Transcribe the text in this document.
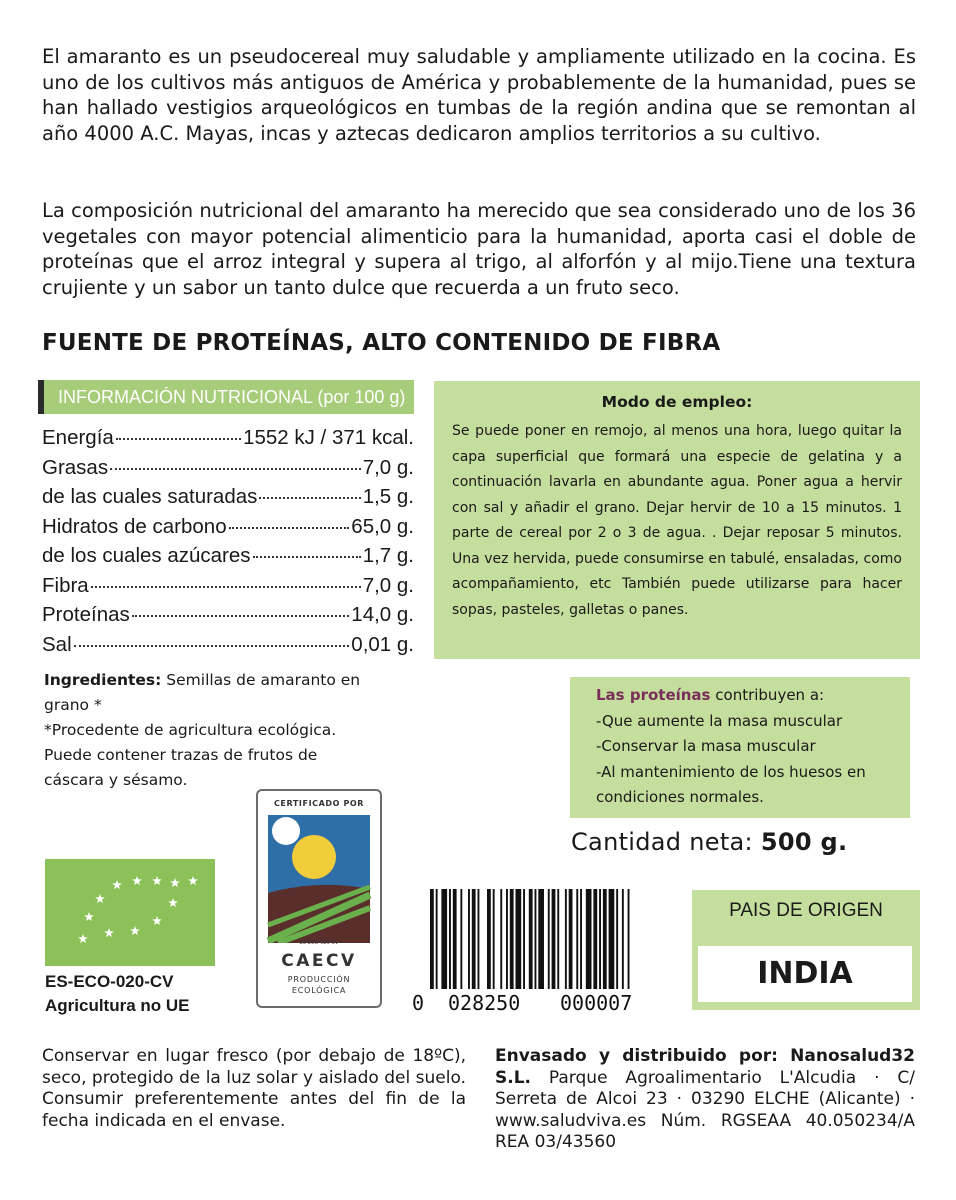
El amaranto es un pseudocereal muy saludable y ampliamente utilizado en la cocina. Es uno de los cultivos más antiguos de América y probablemente de la humanidad, pues se han hallado vestigios arqueológicos en tumbas de la región andina que se remontan al año 4000 A.C. Mayas, incas y aztecas dedicaron amplios territorios a su cultivo.

La composición nutricional del amaranto ha merecido que sea considerado uno de los 36 vegetales con mayor potencial alimenticio para la humanidad, aporta casi el doble de proteínas que el arroz integral y supera al trigo, al alforfón y al mijo.Tiene una textura crujiente y un sabor un tanto dulce que recuerda a un fruto seco.

FUENTE DE PROTEÍNAS, ALTO CONTENIDO DE FIBRA
INFORMACIÓN NUTRICIONAL (por 100 g)
Energía	1552 kJ / 371 kcal.
Grasas	7,0 g.
de las cuales saturadas	1,5 g.
Hidratos de carbono	65,0 g.
de los cuales azúcares	1,7 g.
Fibra	7,0 g.
Proteínas	14,0 g.
Sal	0,01 g.
Modo de empleo:

Se puede poner en remojo, al menos una hora, luego quitar la capa superficial que formará una especie de gelatina y a continuación lavarla en abundante agua. Poner agua a hervir con sal y añadir el grano. Dejar hervir de 10 a 15 minutos. 1 parte de cereal por 2 o 3 de agua. . Dejar reposar 5 minutos. Una vez hervida, puede consumirse en tabulé, ensaladas, como acompañamiento, etc También puede utilizarse para hacer sopas, pasteles, galletas o panes.

Ingredientes: Semillas de amaranto en grano *
*Procedente de agricultura ecológica.
Puede contener trazas de frutos de cáscara y sésamo.
Las proteínas contribuyen a:
-Que aumente la masa muscular
-Conservar la masa muscular
-Al mantenimiento de los huesos en condiciones normales.
Cantidad neta: 500 g.
ES-ECO-020-CV
Agricultura no UE
CERTIFICADO POR
ES-ECO-020-CV
CAECV
PRODUCCIÓN
ECOLÓGICA
0 028250 000007
PAIS DE ORIGEN
INDIA

Conservar en lugar fresco (por debajo de 18ºC), seco, protegido de la luz solar y aislado del suelo. Consumir preferentemente antes del fin de la fecha indicada en el envase.

Envasado y distribuido por: Nanosalud32 S.L. Parque Agroalimentario L'Alcudia · C/ Serreta de Alcoi 23 · 03290 ELCHE (Alicante) · www.saludviva.es Núm. RGSEAA 40.050234/A REA 03/43560
